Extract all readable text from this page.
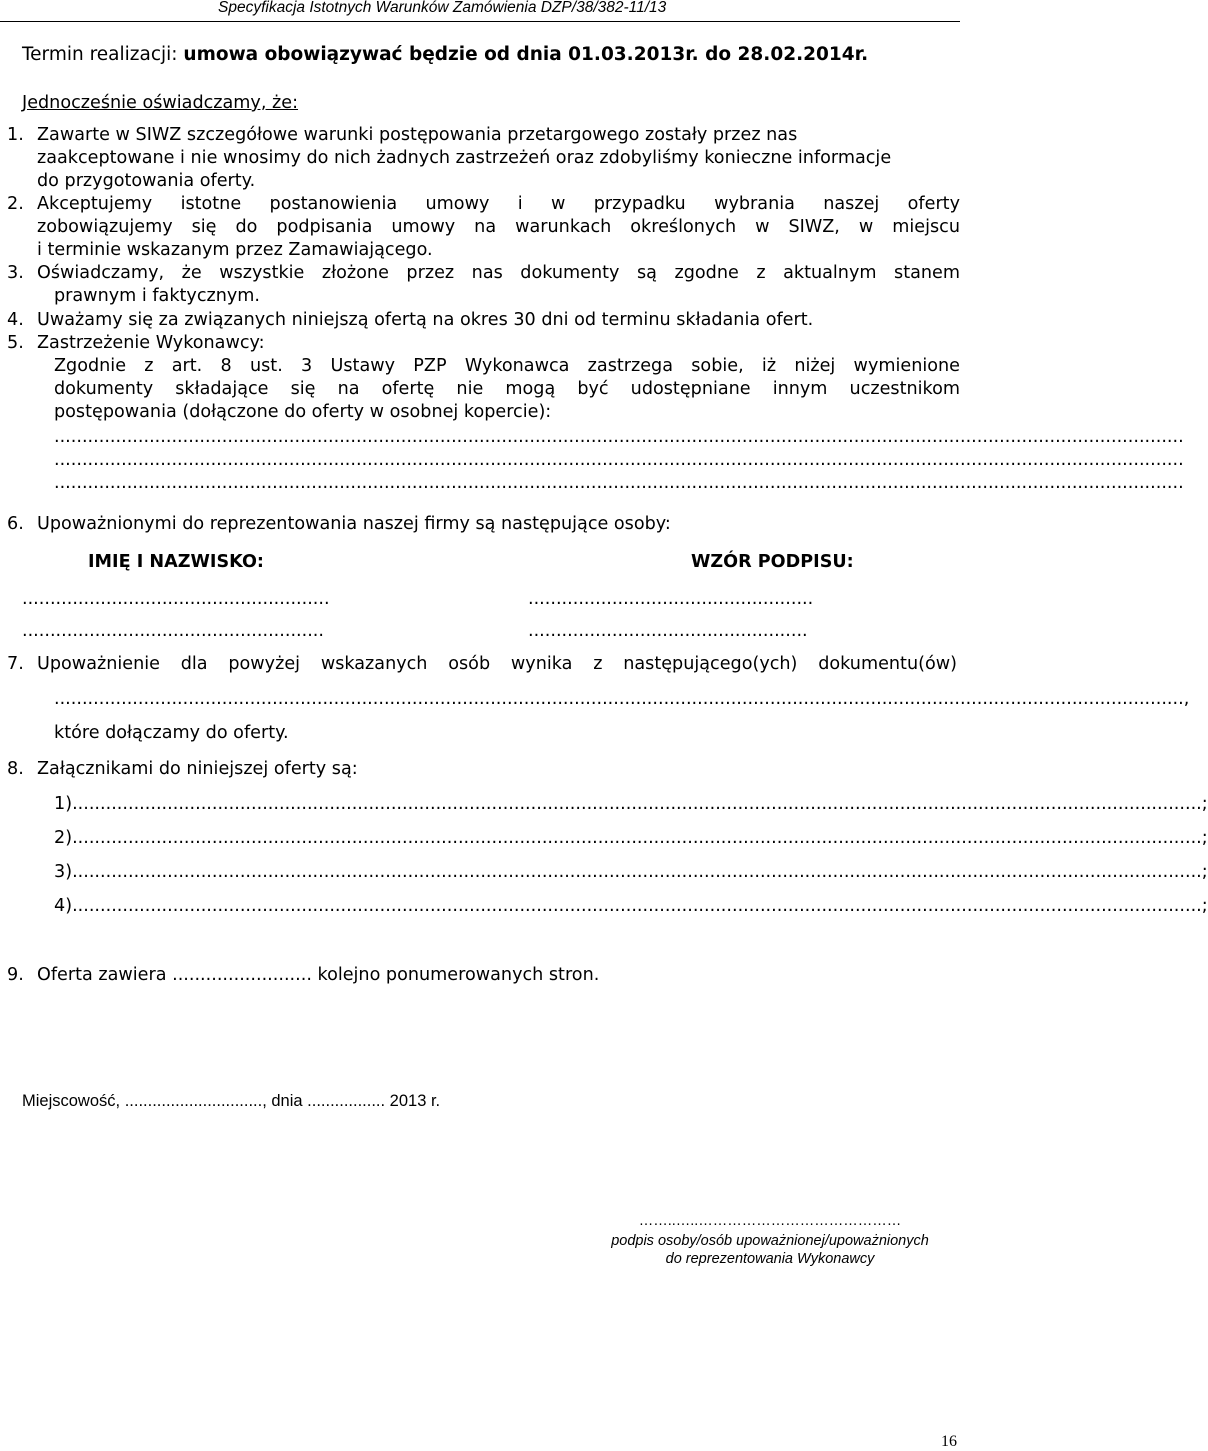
Specyfikacja Istotnych Warunków Zamówienia DZP/38/382-11/13
Termin realizacji: umowa obowiązywać będzie od dnia 01.03.2013r. do 28.02.2014r.
Jednocześnie oświadczamy, że:
1. Zawarte w SIWZ szczegółowe warunki postępowania przetargowego zostały przez nas
zaakceptowane i nie wnosimy do nich żadnych zastrzeżeń oraz zdobyliśmy konieczne informacje
do przygotowania oferty.
2. Akceptujemy istotne postanowienia umowy i w przypadku wybrania naszej oferty
zobowiązujemy się do podpisania umowy na warunkach określonych w SIWZ, w miejscu
i terminie wskazanym przez Zamawiającego.
3. Oświadczamy, że wszystkie złożone przez nas dokumenty są zgodne z aktualnym stanem
prawnym i faktycznym.
4. Uważamy się za związanych niniejszą ofertą na okres 30 dni od terminu składania ofert.
5. Zastrzeżenie Wykonawcy:
Zgodnie z art. 8 ust. 3 Ustawy PZP Wykonawca zastrzega sobie, iż niżej wymienione
dokumenty składające się na ofertę nie mogą być udostępniane innym uczestnikom
postępowania (dołączone do oferty w osobnej kopercie):
..........................................................................................................................................................................................................
..........................................................................................................................................................................................................
..........................................................................................................................................................................................................
6. Upoważnionymi do reprezentowania naszej firmy są następujące osoby:
IMIĘ I NAZWISKO:	WZÓR PODPISU:
.......................................................	...................................................
......................................................	..................................................
7. Upoważnienie dla powyżej wskazanych osób wynika z następującego(ych) dokumentu(ów)
.......................................................................................................................................................................................................... ,
które dołączamy do oferty.
8. Załącznikami do niniejszej oferty są:
1) .......................................................................................................................................................................................................... ;
2) .......................................................................................................................................................................................................... ;
3) .......................................................................................................................................................................................................... ;
4) .......................................................................................................................................................................................................... ;
9. Oferta zawiera ......................... kolejno ponumerowanych stron.
Miejscowość, .............................., dnia ................. 2013 r.
……..…..……………………………………
podpis osoby/osób upoważnionej/upoważnionych
do reprezentowania Wykonawcy
16
